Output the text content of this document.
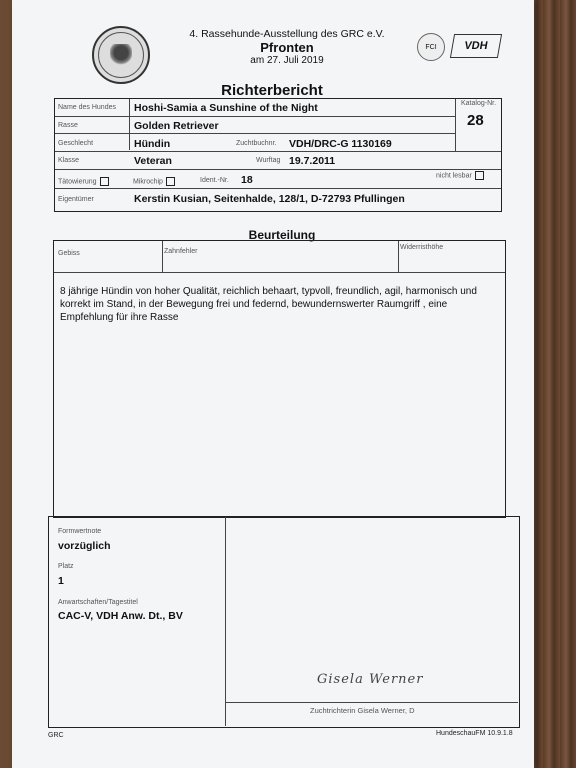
4. Rassehunde-Ausstellung des GRC e.V.
Pfronten
am 27. Juli 2019
FCI	VDH
Richterbericht
Name des Hundes Hoshi-Samia a Sunshine of the Night	Katalog-Nr.
28
Rasse	Golden Retriever
Geschlecht	Hündin	Zuchtbuchnr. VDH/DRC-G 1130169
Klasse	Veteran	Wurftag 19.7.2011
Tätowierung	Mikrochip	Ident.-Nr. 18	nicht lesbar
Eigentümer	Kerstin Kusian, Seitenhalde, 128/1, D-72793 Pfullingen
Beurteilung
Gebiss	Zahnfehler
Widerristhöhe
8 jährige Hündin von hoher Qualität, reichlich behaart, typvoll, freundlich, agil, harmonisch und korrekt im Stand, in der Bewegung frei und federnd, bewundernswerter Raumgriff , eine Empfehlung für ihre Rasse
Formwertnote
vorzüglich
Platz
1
Anwartschaften/Tagestitel
CAC-V, VDH Anw. Dt., BV
Gisela Werner
Zuchtrichterin Gisela Werner, D
GRC	HundeschauFM 10.9.1.8
